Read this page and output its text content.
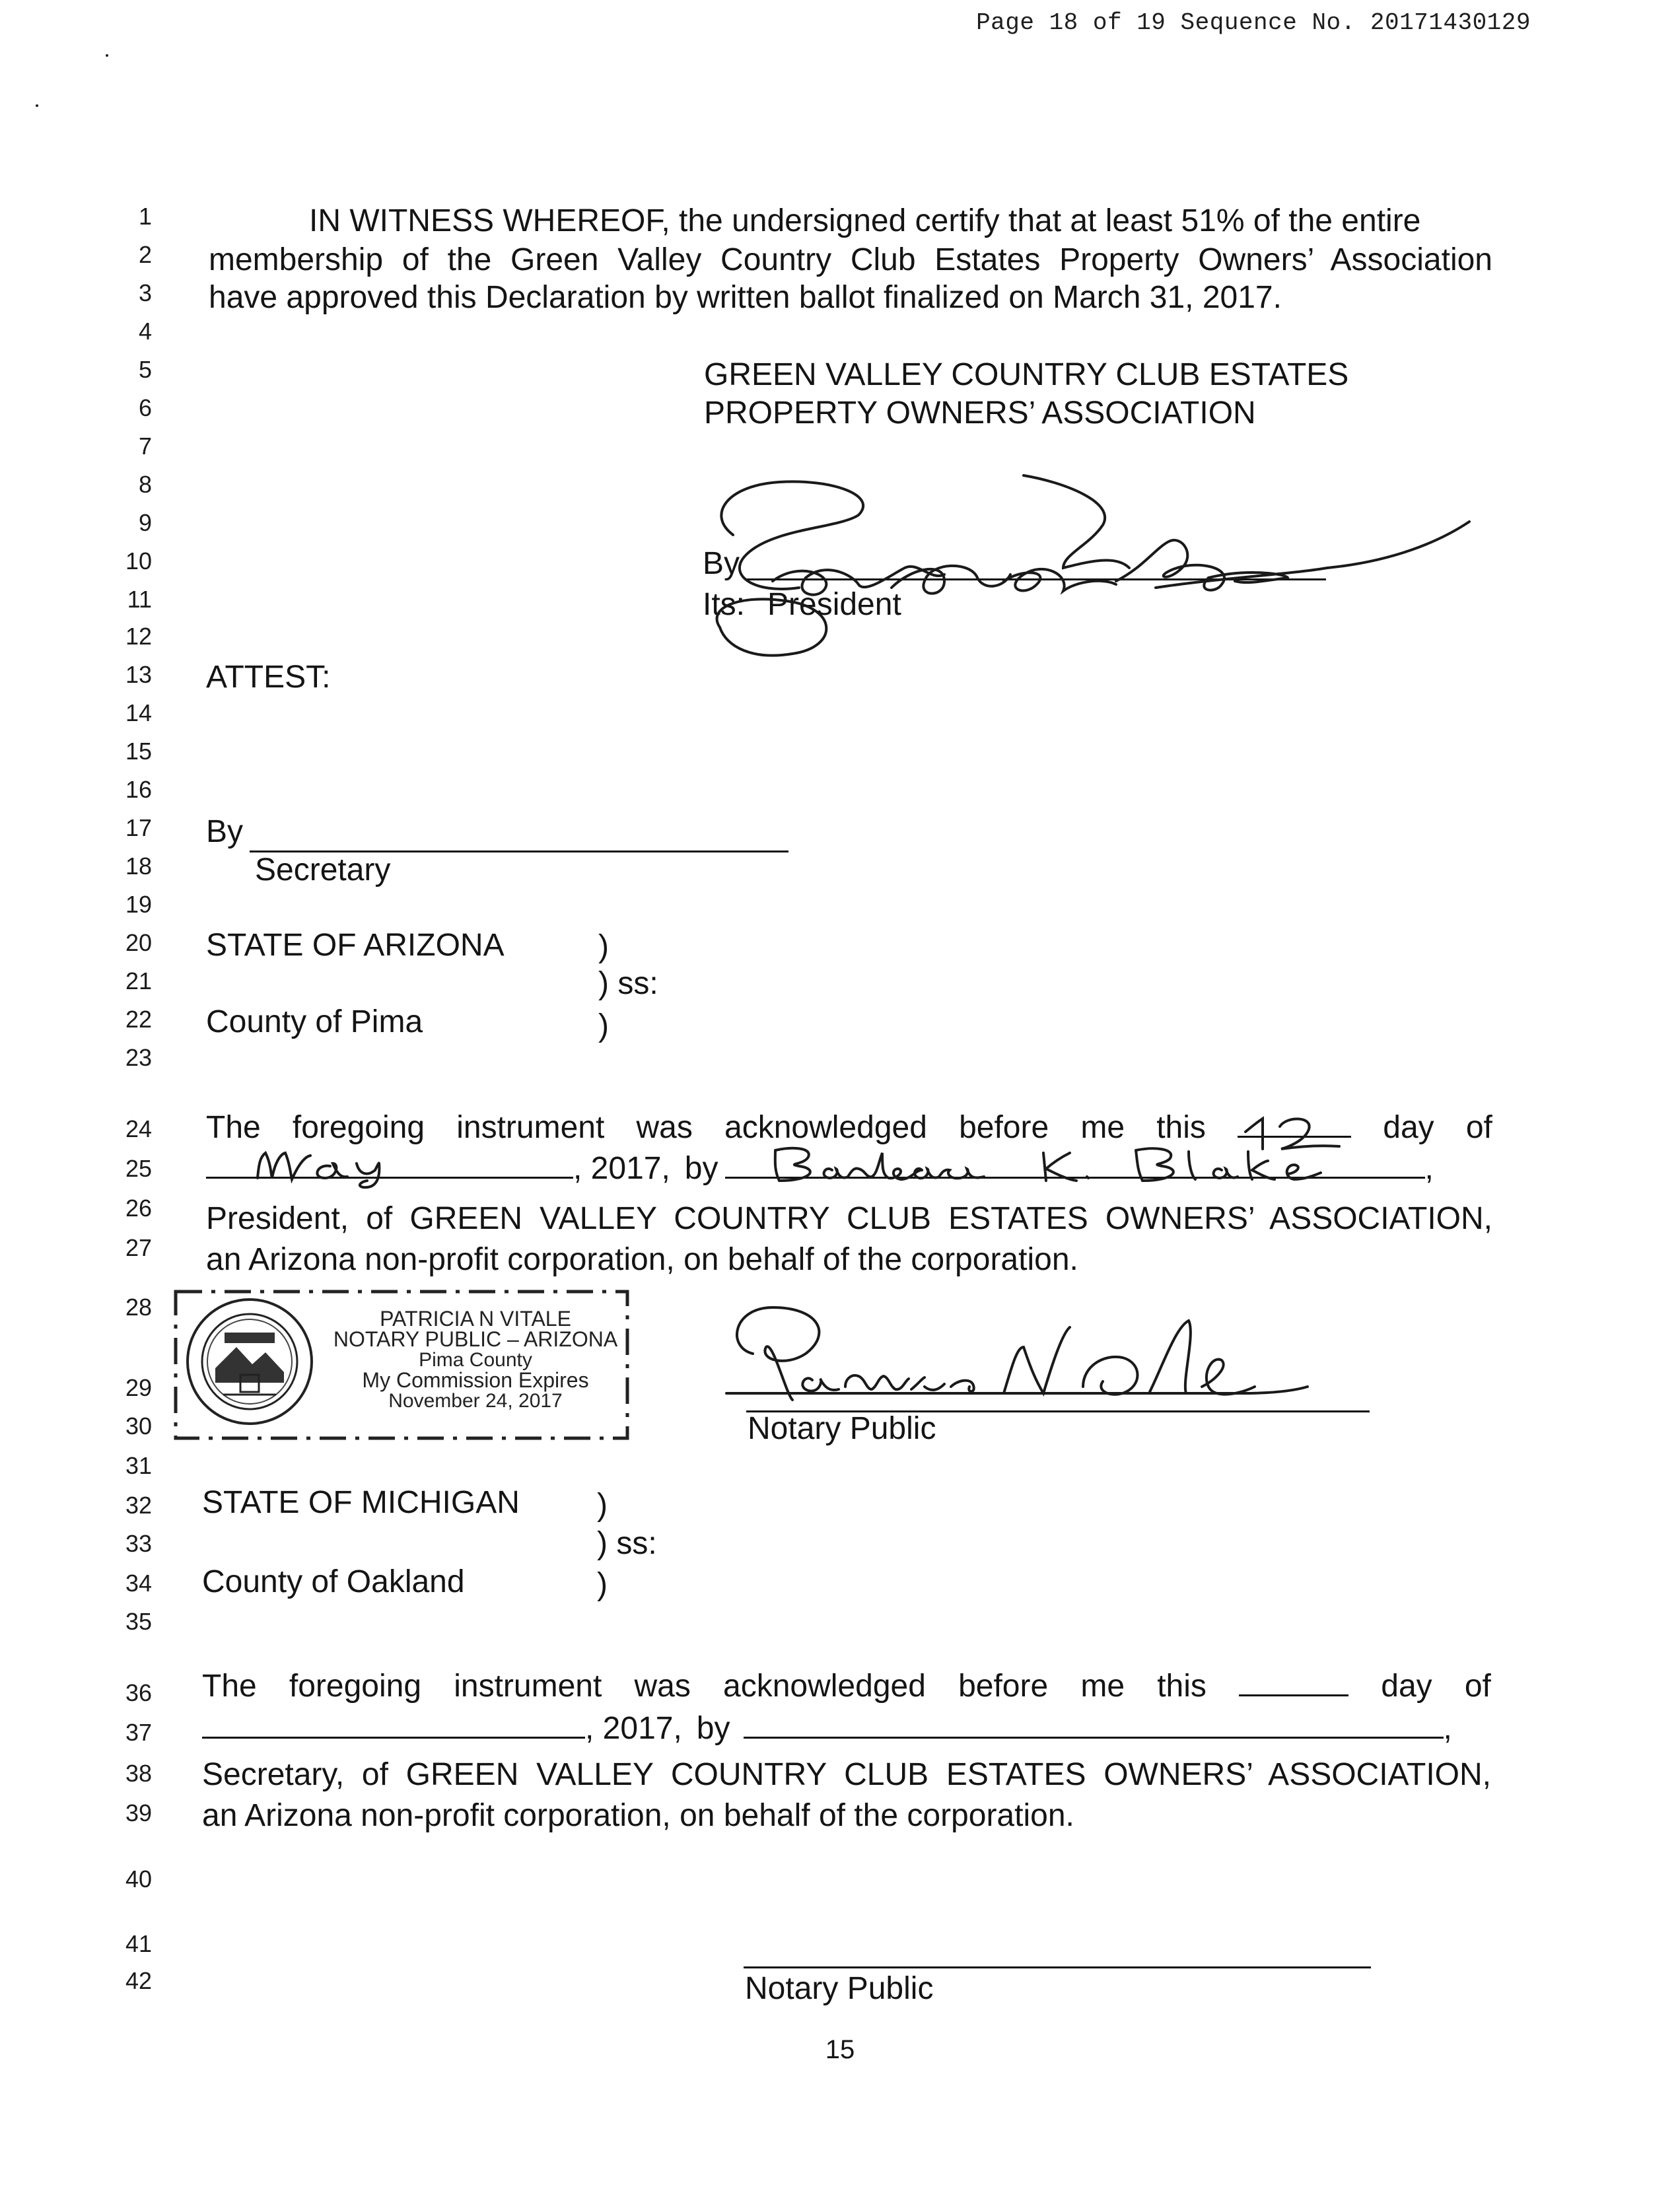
Page 18 of 19 Sequence No. 20171430129
1
2
3
4
5
6
7
8
9
10
11
12
13
14
15
16
17
18
19
20
21
22
23
24
25
26
27
28
29
30
31
32
33
34
35
36
37
38
39
40
41
42
IN WITNESS WHEREOF, the undersigned certify that at least 51% of the entire
membership of the Green Valley Country Club Estates Property Owners’ Association
have approved this Declaration by written ballot finalized on March 31, 2017.
GREEN VALLEY COUNTRY CLUB ESTATES
PROPERTY OWNERS’ ASSOCIATION
By
Its: President
ATTEST:
By
Secretary
STATE OF ARIZONA	)
) ss:
County of Pima	)
The foregoing instrument was acknowledged before me this	day of
, 2017, by	,
President, of GREEN VALLEY COUNTRY CLUB ESTATES OWNERS’ ASSOCIATION,
an Arizona non-profit corporation, on behalf of the corporation.
PATRICIA N VITALE
NOTARY PUBLIC – ARIZONA
Pima County
My Commission Expires
November 24, 2017
Notary Public
STATE OF MICHIGAN )
) ss:
County of Oakland	)
The foregoing instrument was acknowledged before me this	day of
, 2017, by	,
Secretary, of GREEN VALLEY COUNTRY CLUB ESTATES OWNERS’ ASSOCIATION,
an Arizona non-profit corporation, on behalf of the corporation.
Notary Public
15
